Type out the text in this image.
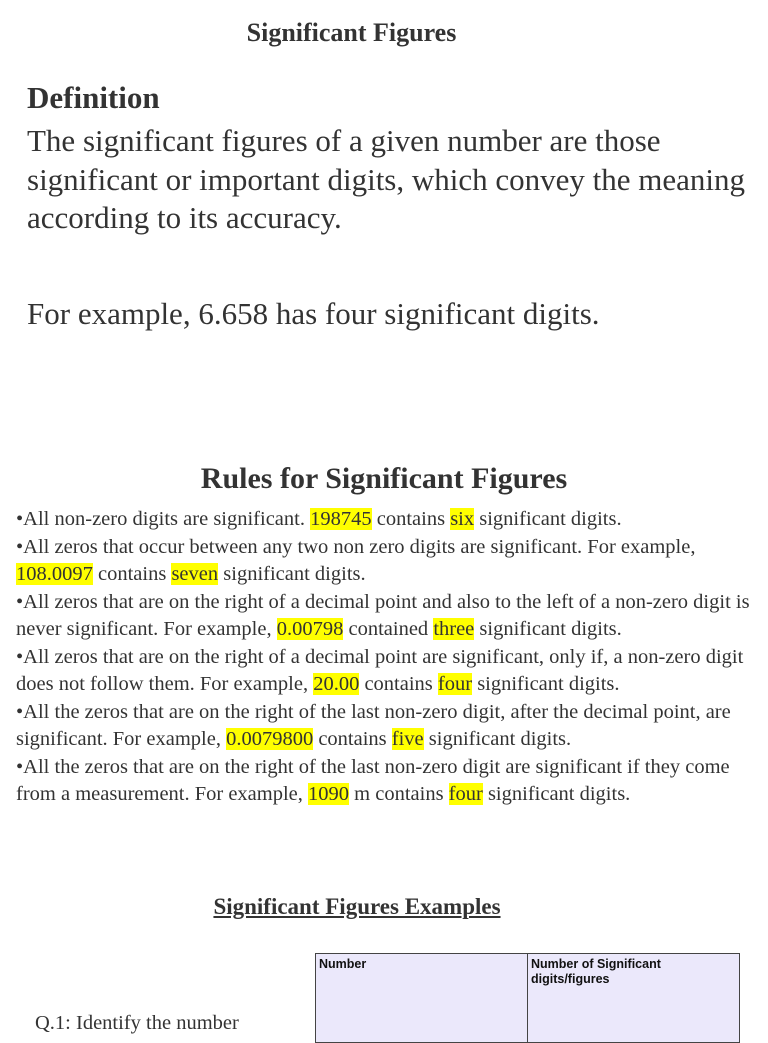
Significant Figures
Definition
The significant figures of a given number are those significant or important digits, which convey the meaning according to its accuracy.
For example, 6.658 has four significant digits.
Rules for Significant Figures
•All non-zero digits are significant. 198745 contains six significant digits.
•All zeros that occur between any two non zero digits are significant. For example, 108.0097 contains seven significant digits.
•All zeros that are on the right of a decimal point and also to the left of a non-zero digit is never significant. For example, 0.00798 contained three significant digits.
•All zeros that are on the right of a decimal point are significant, only if, a non-zero digit does not follow them. For example, 20.00 contains four significant digits.
•All the zeros that are on the right of the last non-zero digit, after the decimal point, are significant. For example, 0.0079800 contains five significant digits.
•All the zeros that are on the right of the last non-zero digit are significant if they come from a measurement. For example, 1090 m contains four significant digits.
Significant Figures Examples
Q.1: Identify the number
Number	Number of Significant digits/figures
